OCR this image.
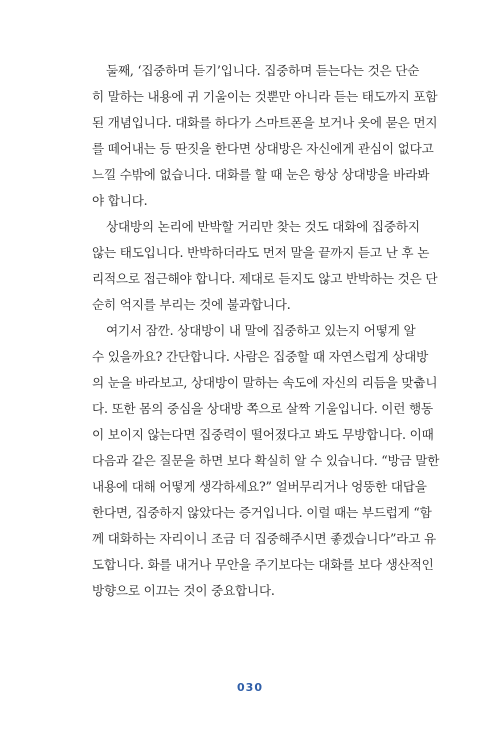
둘째, ‘집중하며 듣기’입니다. 집중하며 듣는다는 것은 단순
히 말하는 내용에 귀 기울이는 것뿐만 아니라 듣는 태도까지 포함
된 개념입니다. 대화를 하다가 스마트폰을 보거나 옷에 묻은 먼지
를 떼어내는 등 딴짓을 한다면 상대방은 자신에게 관심이 없다고
느낄 수밖에 없습니다. 대화를 할 때 눈은 항상 상대방을 바라봐
야 합니다.
상대방의 논리에 반박할 거리만 찾는 것도 대화에 집중하지
않는 태도입니다. 반박하더라도 먼저 말을 끝까지 듣고 난 후 논
리적으로 접근해야 합니다. 제대로 듣지도 않고 반박하는 것은 단
순히 억지를 부리는 것에 불과합니다.
여기서 잠깐. 상대방이 내 말에 집중하고 있는지 어떻게 알
수 있을까요? 간단합니다. 사람은 집중할 때 자연스럽게 상대방
의 눈을 바라보고, 상대방이 말하는 속도에 자신의 리듬을 맞춥니
다. 또한 몸의 중심을 상대방 쪽으로 살짝 기울입니다. 이런 행동
이 보이지 않는다면 집중력이 떨어졌다고 봐도 무방합니다. 이때
다음과 같은 질문을 하면 보다 확실히 알 수 있습니다. “방금 말한
내용에 대해 어떻게 생각하세요?” 얼버무리거나 엉뚱한 대답을
한다면, 집중하지 않았다는 증거입니다. 이럴 때는 부드럽게 “함
께 대화하는 자리이니 조금 더 집중해주시면 좋겠습니다”라고 유
도합니다. 화를 내거나 무안을 주기보다는 대화를 보다 생산적인
방향으로 이끄는 것이 중요합니다.
030
